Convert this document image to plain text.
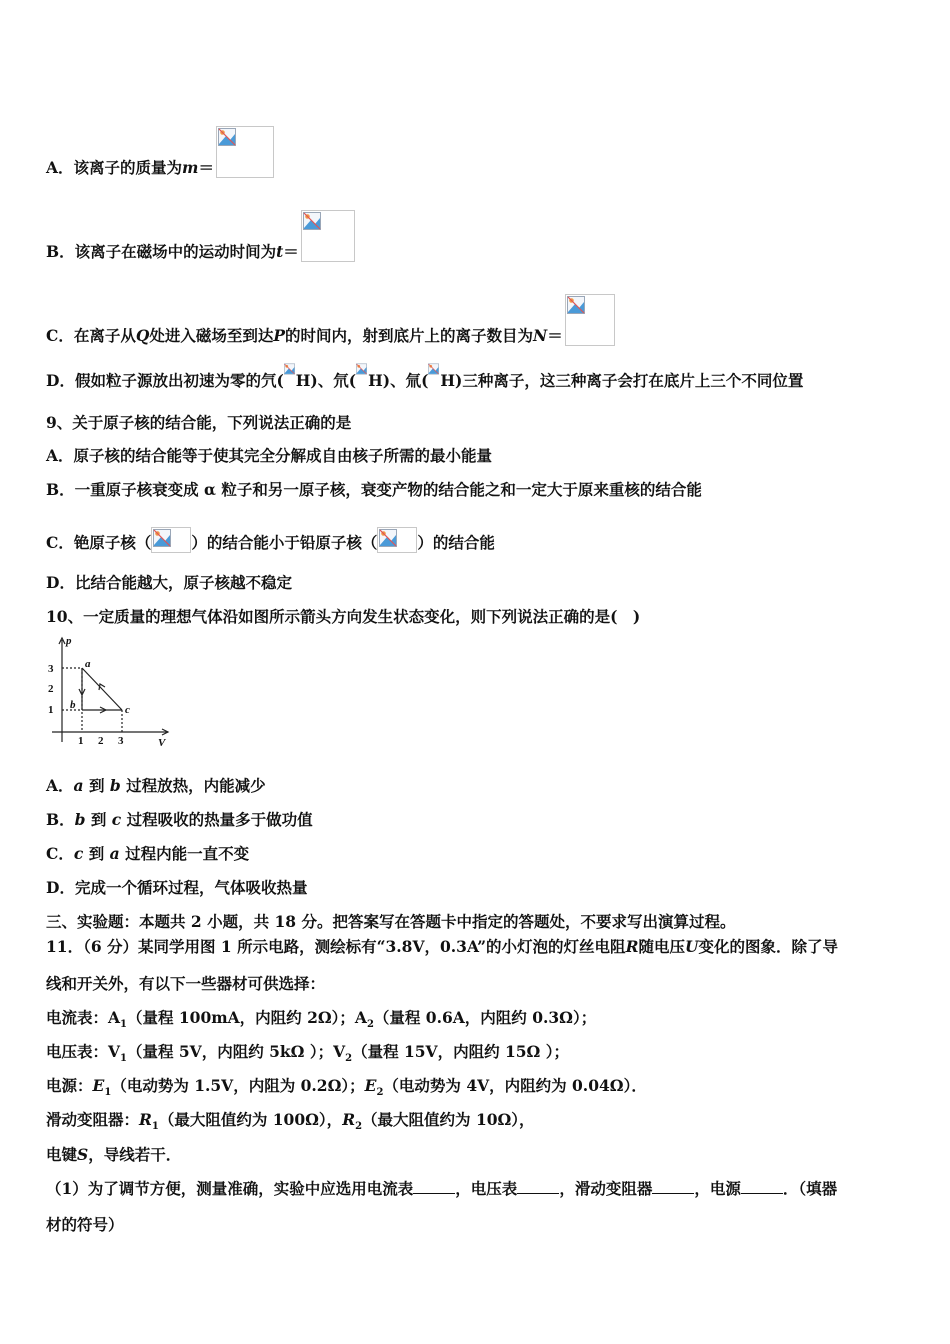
A．该离子的质量为m＝
B．该离子在磁场中的运动时间为t＝
C．在离子从Q处进入磁场至到达P的时间内，射到底片上的离子数目为N＝
D．假如粒子源放出初速为零的氕( H)、氘( H)、氚( H)三种离子，这三种离子会打在底片上三个不同位置
9、关于原子核的结合能，下列说法正确的是
A．原子核的结合能等于使其完全分解成自由核子所需的最小能量
B．一重原子核衰变成 α 粒子和另一原子核，衰变产物的结合能之和一定大于原来重核的结合能
C．铯原子核（	）的结合能小于铅原子核（	）的结合能
D．比结合能越大，原子核越不稳定
10、一定质量的理想气体沿如图所示箭头方向发生状态变化，则下列说法正确的是(　)
p
V
3
2
1
1 2 3
a
b	c
A．a 到 b 过程放热，内能减少
B．b 到 c 过程吸收的热量多于做功值
C．c 到 a 过程内能一直不变
D．完成一个循环过程，气体吸收热量
三、实验题：本题共 2 小题，共 18 分。把答案写在答题卡中指定的答题处，不要求写出演算过程。
11．（6 分）某同学用图 1 所示电路，测绘标有“3.8V，0.3A”的小灯泡的灯丝电阻R随电压U变化的图象．除了导
线和开关外，有以下一些器材可供选择：
电流表：$A_1$（量程 100mA，内阻约 2Ω）；$A_2$（量程 0.6A，内阻约 0.3Ω）；
电压表：$V_1$（量程 5V，内阻约 5kΩ ）；$V_2$（量程 15V，内阻约 15Ω ）；
电源：$E_1$（电动势为 1.5V，内阻为 0.2Ω）；$E_2$（电动势为 4V，内阻约为 0.04Ω）．
滑动变阻器：$R_1$（最大阻值约为 100Ω），$R_2$（最大阻值约为 10Ω），
电键S，导线若干．
（1）为了调节方便，测量准确，实验中应选用电流表	，电压表	，滑动变阻器	，电源	．（填器
材的符号）
